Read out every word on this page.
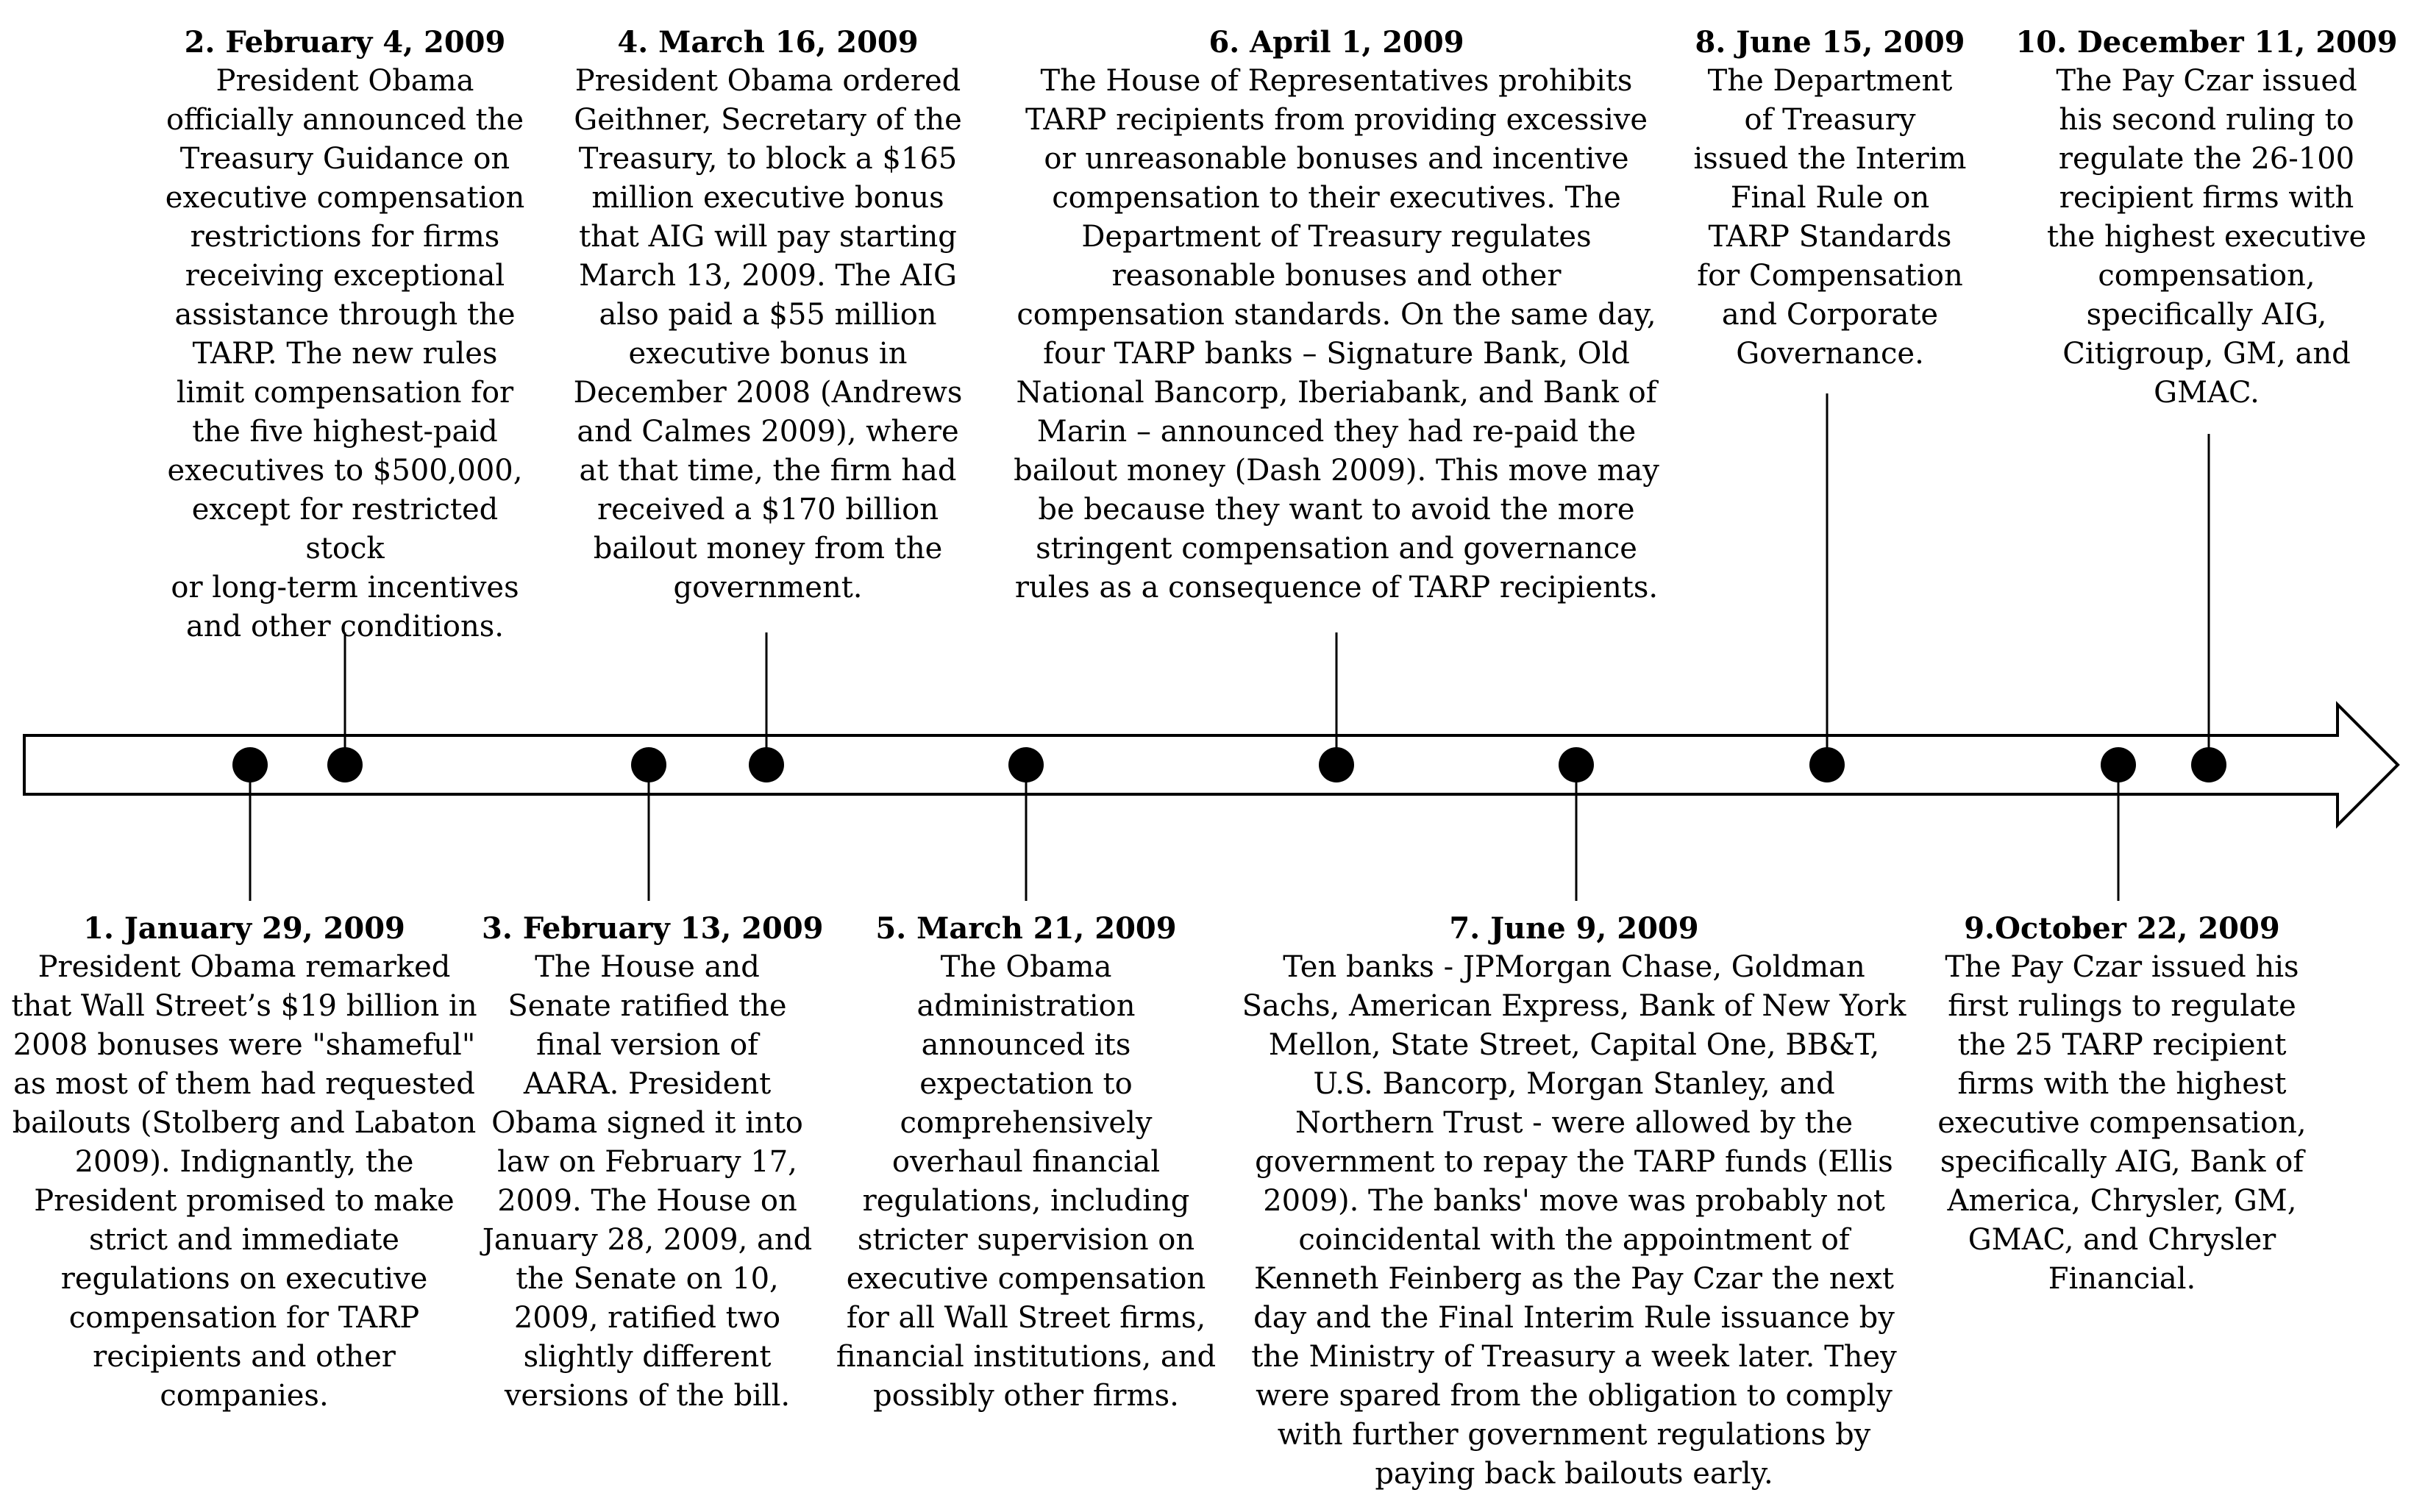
2. February 4, 2009
President Obama
officially announced the
Treasury Guidance on
executive compensation
restrictions for firms
receiving exceptional
assistance through the
TARP. The new rules
limit compensation for
the five highest-paid
executives to $500,000,
except for restricted stock
or long-term incentives
and other conditions.
4. March 16, 2009
President Obama ordered
Geithner, Secretary of the
Treasury, to block a $165
million executive bonus
that AIG will pay starting
March 13, 2009. The AIG
also paid a $55 million
executive bonus in
December 2008 (Andrews
and Calmes 2009), where
at that time, the firm had
received a $170 billion
bailout money from the
government.
6. April 1, 2009
The House of Representatives prohibits
TARP recipients from providing excessive
or unreasonable bonuses and incentive
compensation to their executives. The
Department of Treasury regulates
reasonable bonuses and other
compensation standards. On the same day,
four TARP banks – Signature Bank, Old
National Bancorp, Iberiabank, and Bank of
Marin – announced they had re-paid the
bailout money (Dash 2009). This move may
be because they want to avoid the more
stringent compensation and governance
rules as a consequence of TARP recipients.
8. June 15, 2009
The Department
of Treasury
issued the Interim
Final Rule on
TARP Standards
for Compensation
and Corporate
Governance.
10. December 11, 2009
The Pay Czar issued
his second ruling to
regulate the 26-100
recipient firms with
the highest executive
compensation,
specifically AIG,
Citigroup, GM, and
GMAC.
1. January 29, 2009
President Obama remarked
that Wall Street’s $19 billion in
2008 bonuses were "shameful"
as most of them had requested
bailouts (Stolberg and Labaton
2009). Indignantly, the
President promised to make
strict and immediate
regulations on executive
compensation for TARP
recipients and other
companies.
3. February 13, 2009
The House and
Senate ratified the
final version of
AARA. President
Obama signed it into
law on February 17,
2009. The House on
January 28, 2009, and
the Senate on 10,
2009, ratified two
slightly different
versions of the bill.
5. March 21, 2009
The Obama
administration
announced its
expectation to
comprehensively
overhaul financial
regulations, including
stricter supervision on
executive compensation
for all Wall Street firms,
financial institutions, and
possibly other firms.
7. June 9, 2009
Ten banks - JPMorgan Chase, Goldman
Sachs, American Express, Bank of New York
Mellon, State Street, Capital One, BB&T,
U.S. Bancorp, Morgan Stanley, and
Northern Trust - were allowed by the
government to repay the TARP funds (Ellis
2009). The banks' move was probably not
coincidental with the appointment of
Kenneth Feinberg as the Pay Czar the next
day and the Final Interim Rule issuance by
the Ministry of Treasury a week later. They
were spared from the obligation to comply
with further government regulations by
paying back bailouts early.
9.October 22, 2009
The Pay Czar issued his
first rulings to regulate
the 25 TARP recipient
firms with the highest
executive compensation,
specifically AIG, Bank of
America, Chrysler, GM,
GMAC, and Chrysler
Financial.
